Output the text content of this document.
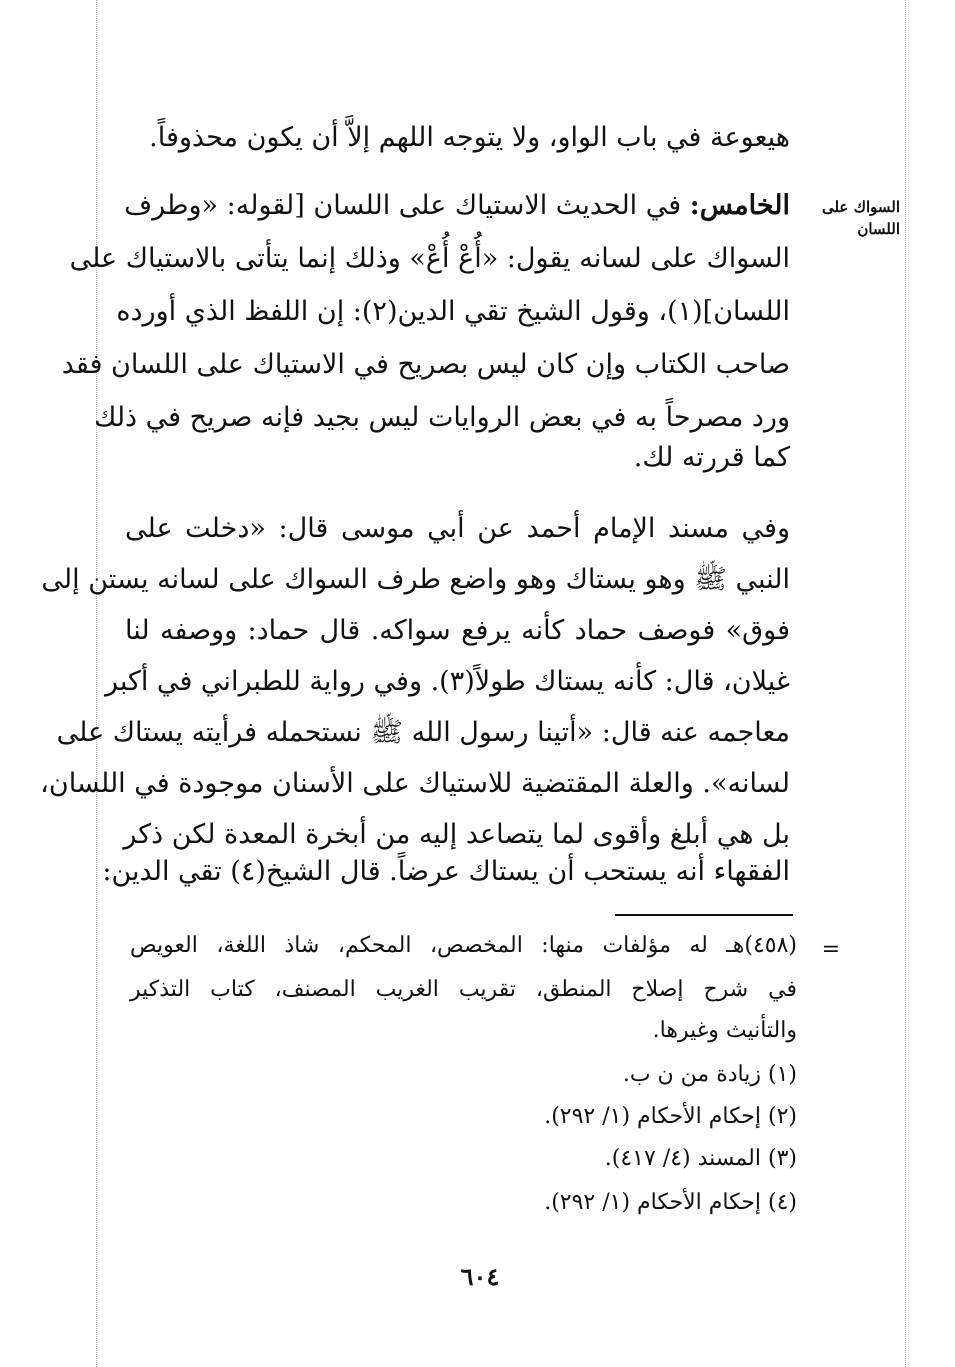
هيعوعة في باب الواو، ولا يتوجه اللهم إلاَّ أن يكون محذوفاً.
السواك على
اللسان
الخامس: في الحديث الاستياك على اللسان [لقوله: «وطرف
السواك على لسانه يقول: «أُعْ أُعْ» وذلك إنما يتأتى بالاستياك على
اللسان](١)، وقول الشيخ تقي الدين(٢): إن اللفظ الذي أورده
صاحب الكتاب وإن كان ليس بصريح في الاستياك على اللسان فقد
ورد مصرحاً به في بعض الروايات ليس بجيد فإنه صريح في ذلك
كما قررته لك.
وفي مسند الإمام أحمد عن أبي موسى قال: «دخلت على
النبي ﷺ وهو يستاك وهو واضع طرف السواك على لسانه يستن إلى
فوق» فوصف حماد كأنه يرفع سواكه. قال حماد: ووصفه لنا
غيلان، قال: كأنه يستاك طولاً(٣). وفي رواية للطبراني في أكبر
معاجمه عنه قال: «أتينا رسول الله ﷺ نستحمله فرأيته يستاك على
لسانه». والعلة المقتضية للاستياك على الأسنان موجودة في اللسان،
بل هي أبلغ وأقوى لما يتصاعد إليه من أبخرة المعدة لكن ذكر
الفقهاء أنه يستحب أن يستاك عرضاً. قال الشيخ(٤) تقي الدين:
=
(٤٥٨)هـ له مؤلفات منها: المخصص، المحكم، شاذ اللغة، العويص
في شرح إصلاح المنطق، تقريب الغريب المصنف، كتاب التذكير
والتأنيث وغيرها.
(١) زيادة من ن ب.
(٢) إحكام الأحكام (١/ ٢٩٢).
(٣) المسند (٤/ ٤١٧).
(٤) إحكام الأحكام (١/ ٢٩٢).
٦٠٤
